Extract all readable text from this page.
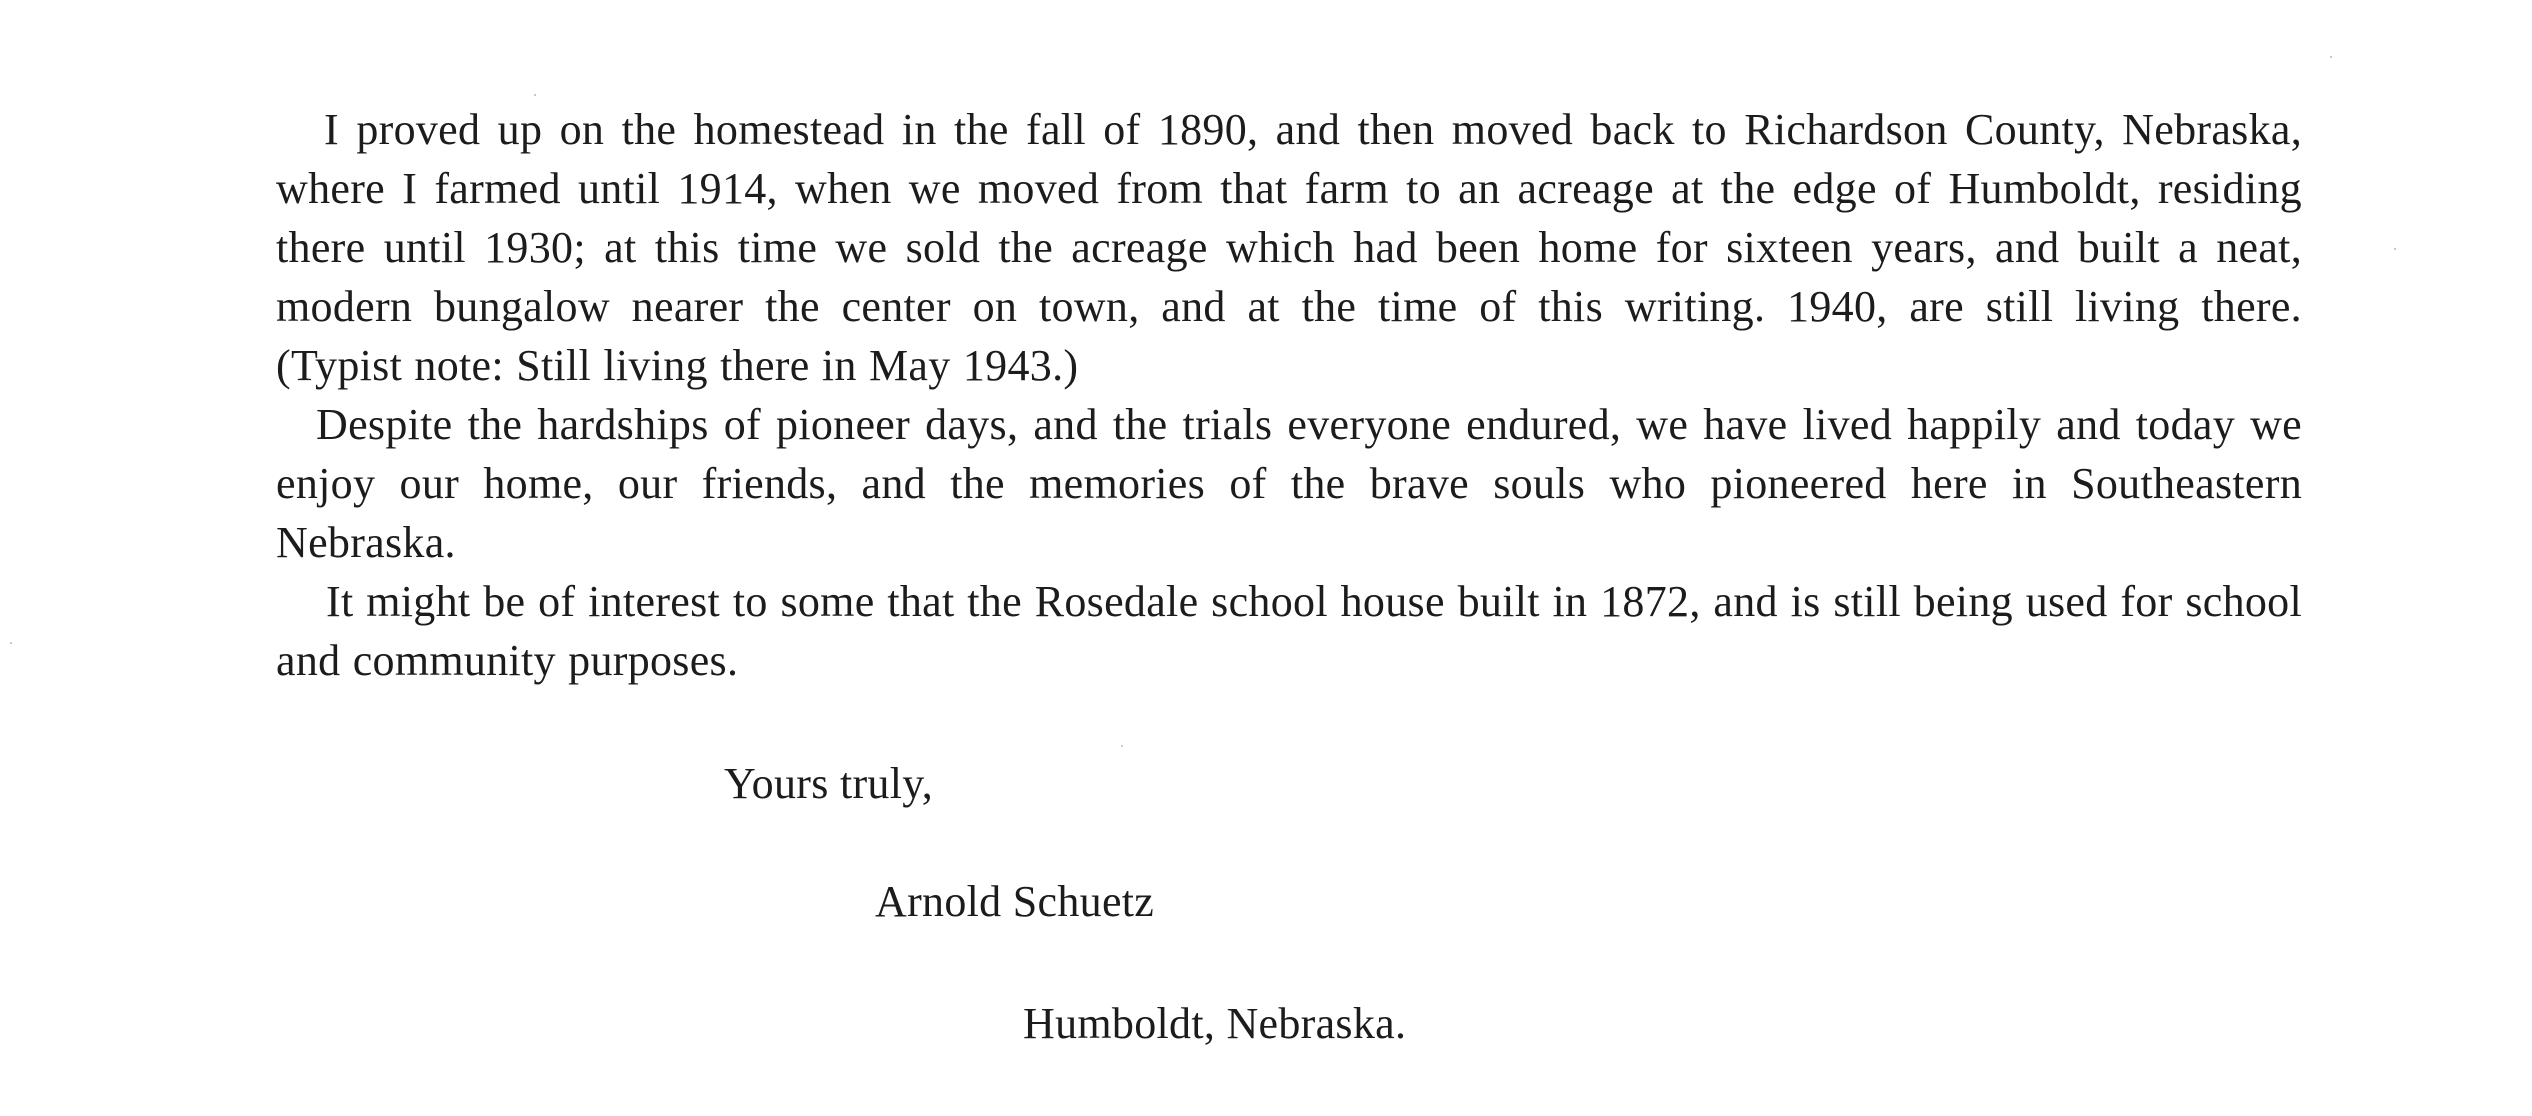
I proved up on the homestead in the fall of 1890, and then moved back to Richardson County, Nebraska, where I farmed until 1914, when we moved from that farm to an acreage at the edge of Humboldt, residing there until 1930; at this time we sold the acreage which had been home for sixteen years, and built a neat, modern bungalow nearer the center on town, and at the time of this writing. 1940, are still living there.      (Typist note: Still living there in May 1943.)

Despite the hardships of pioneer days, and the trials everyone endured, we have lived happily and today we enjoy our home, our friends, and the memories of the brave souls who pioneered here in Southeastern Nebraska.

It might be of interest to some that the Rosedale school house built in 1872, and is still being used for school and community purposes.

Yours truly,
Arnold Schuetz
Humboldt, Nebraska.
